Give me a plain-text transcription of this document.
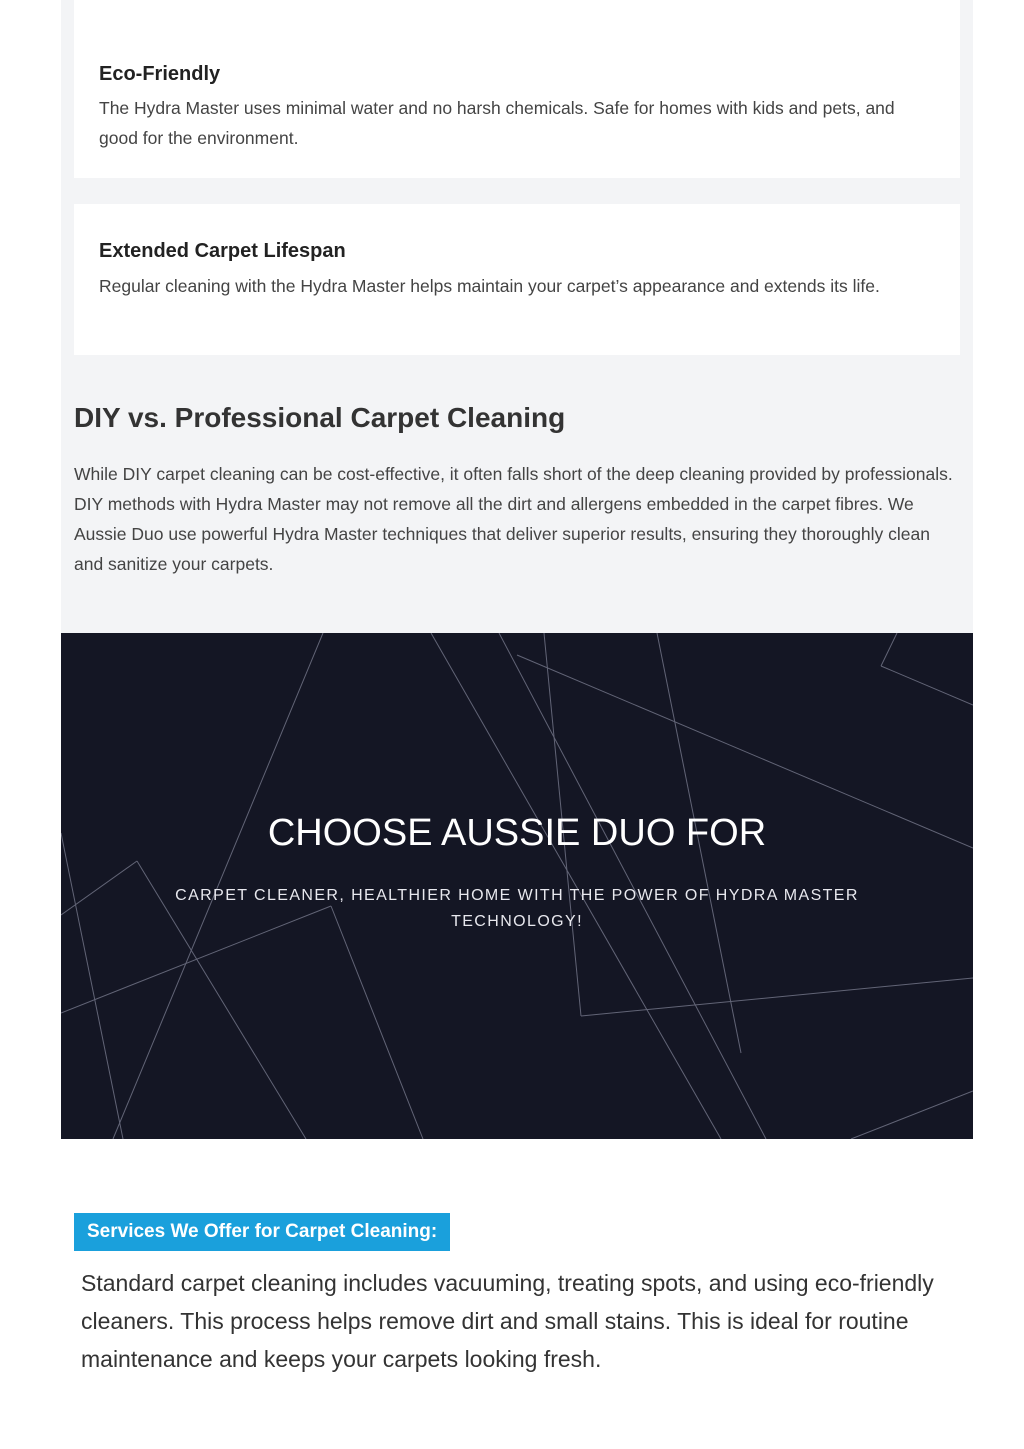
Eco-Friendly
The Hydra Master uses minimal water and no harsh chemicals. Safe for homes with kids and pets, and good for the environment.
Extended Carpet Lifespan
Regular cleaning with the Hydra Master helps maintain your carpet’s appearance and extends its life.
DIY vs. Professional Carpet Cleaning

While DIY carpet cleaning can be cost-effective, it often falls short of the deep cleaning provided by professionals. DIY methods with Hydra Master may not remove all the dirt and allergens embedded in the carpet fibres. We Aussie Duo use powerful Hydra Master techniques that deliver superior results, ensuring they thoroughly clean and sanitize your carpets.

CHOOSE AUSSIE DUO FOR
CARPET CLEANER, HEALTHIER HOME WITH THE POWER OF HYDRA MASTER TECHNOLOGY!
Services We Offer for Carpet Cleaning:

Standard carpet cleaning includes vacuuming, treating spots, and using eco-friendly cleaners. This process helps remove dirt and small stains. This is ideal for routine maintenance and keeps your carpets looking fresh.
